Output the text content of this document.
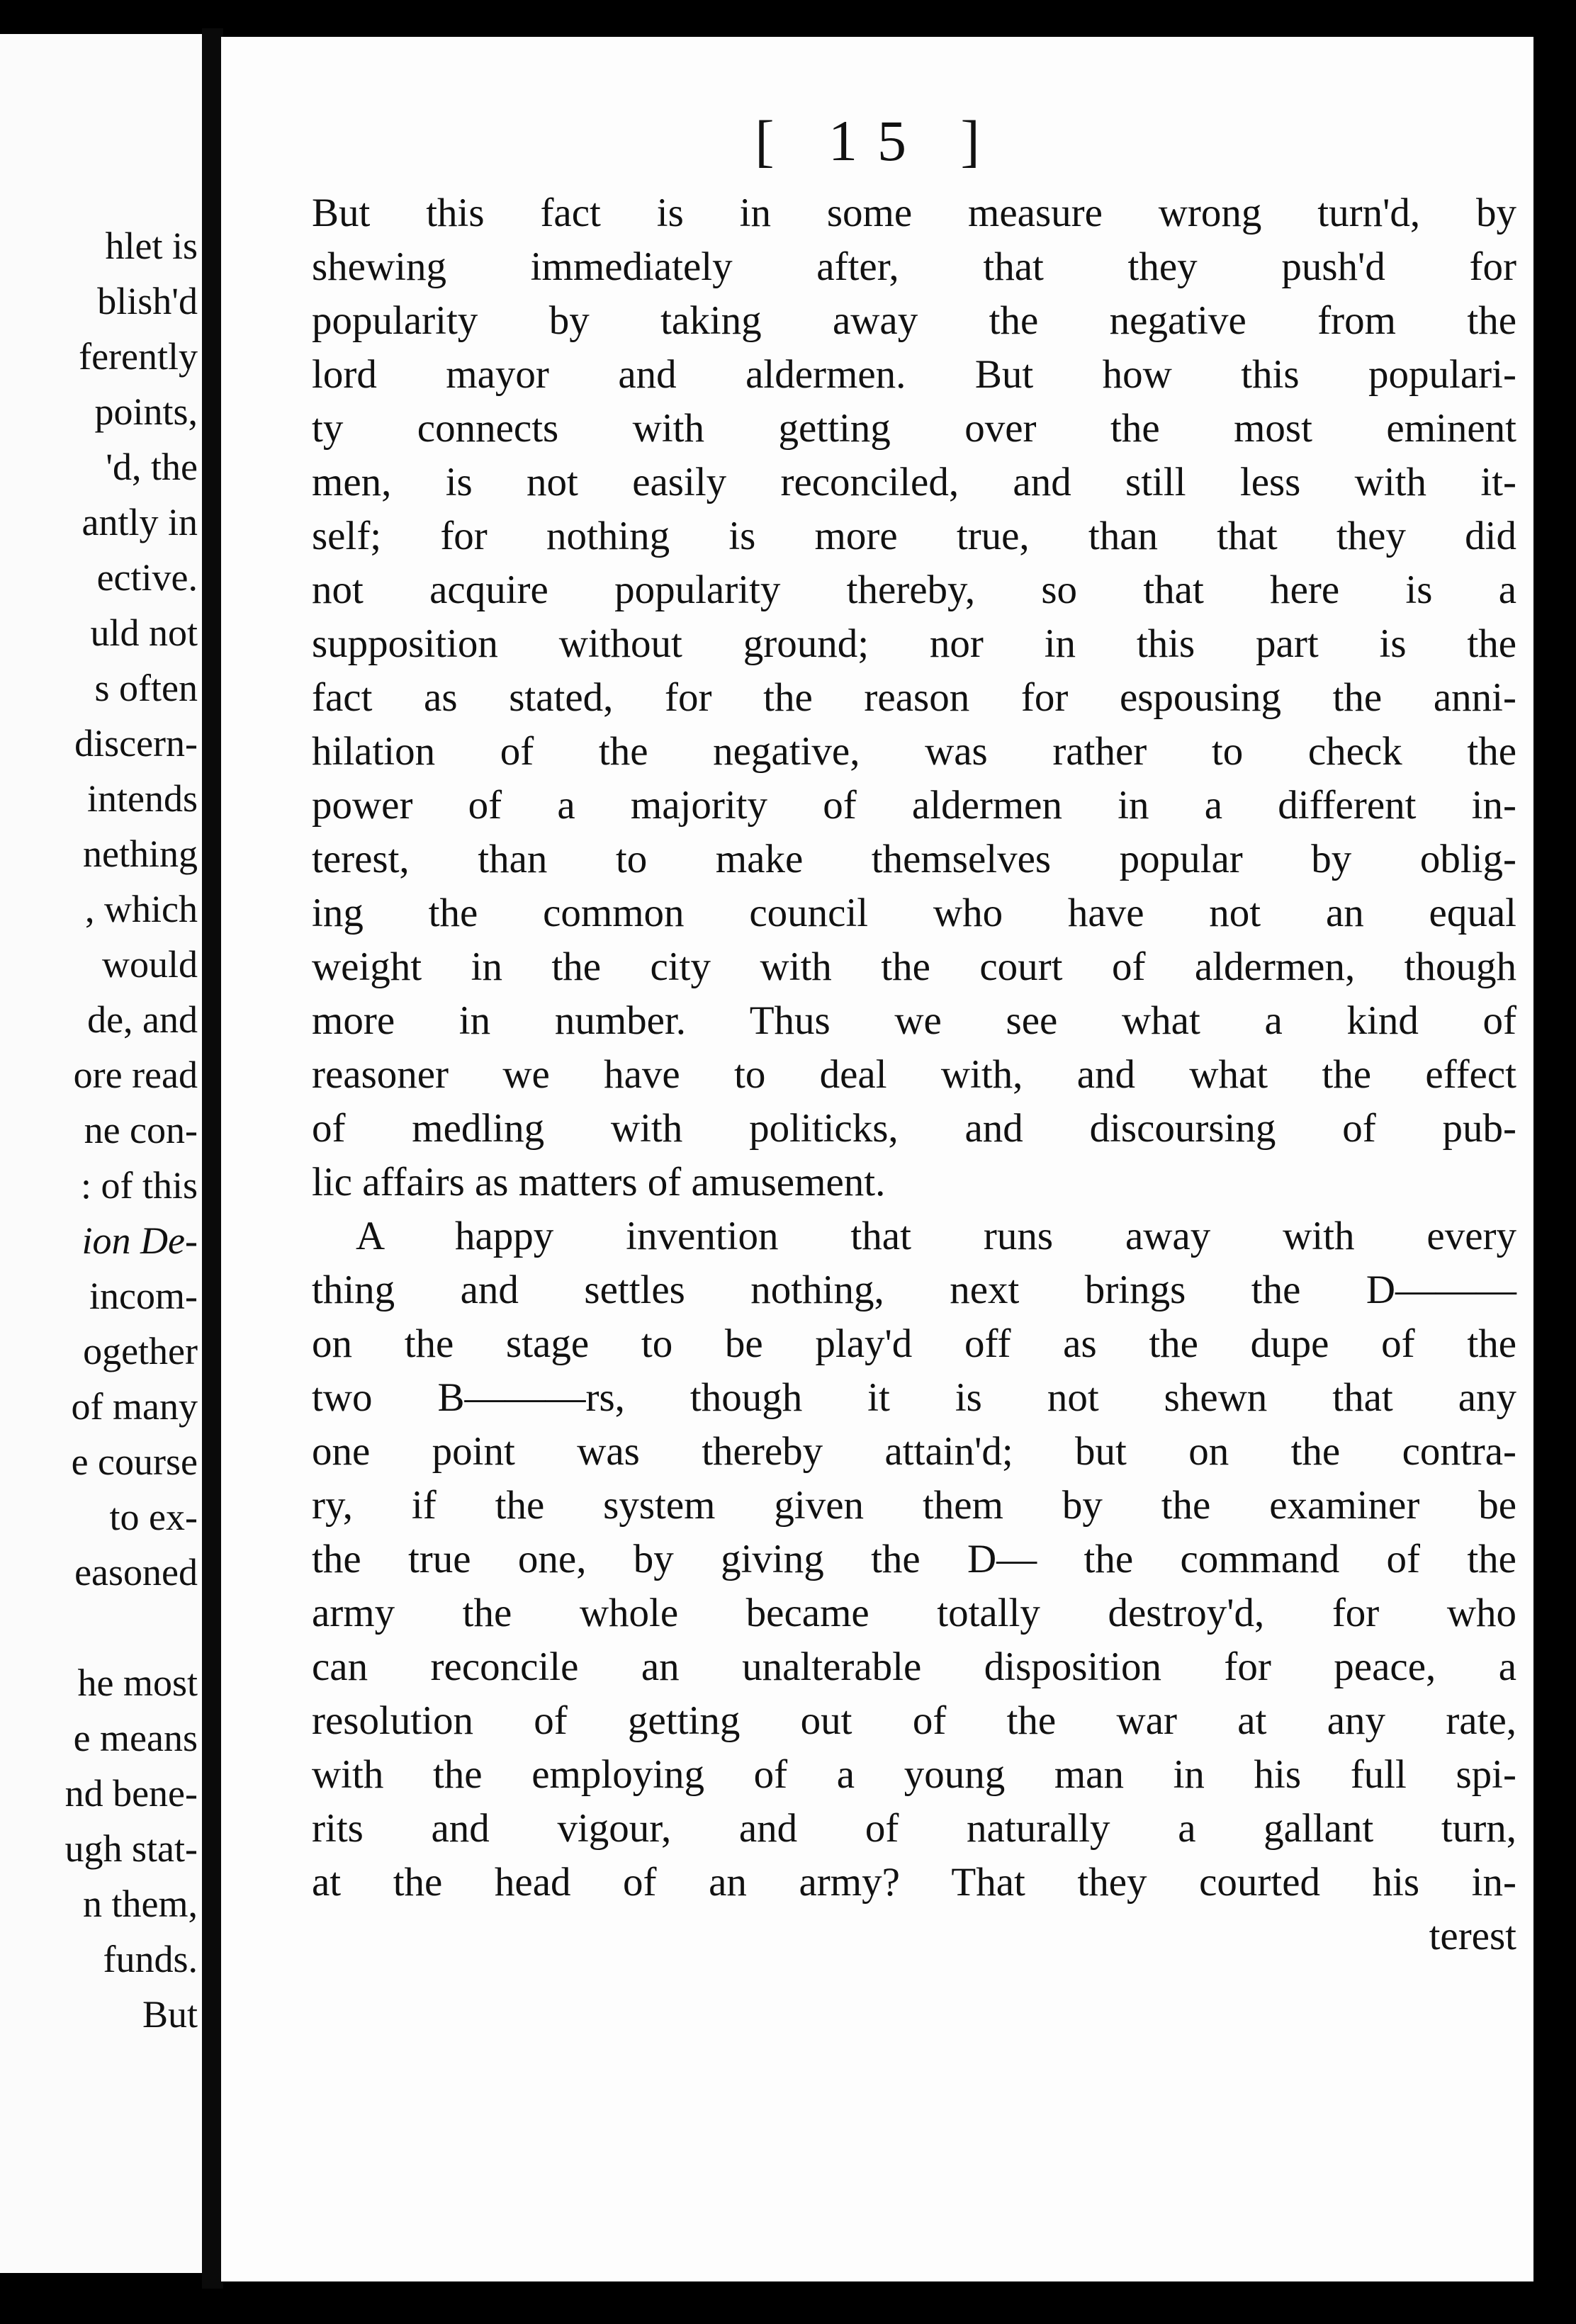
hlet is
blish'd
ferently
points,
'd, the
antly in
ective.
uld not
s often
discern-
intends
nething
, which
would
de, and
ore read
ne con-
: of this
ion De-
incom-
ogether
of many
e course
to ex-
easoned
he most
e means
nd bene-
ugh stat-
n them,
funds.
But
[ 15 ]
But this fact is in some measure wrong turn'd, by
shewing immediately after, that they push'd for
popularity by taking away the negative from the
lord mayor and aldermen. But how this populari-
ty connects with getting over the most eminent
men, is not easily reconciled, and still less with it-
self; for nothing is more true, than that they did
not acquire popularity thereby, so that here is a
supposition without ground; nor in this part is the
fact as stated, for the reason for espousing the anni-
hilation of the negative, was rather to check the
power of a majority of aldermen in a different in-
terest, than to make themselves popular by oblig-
ing the common council who have not an equal
weight in the city with the court of aldermen, though
more in number. Thus we see what a kind of
reasoner we have to deal with, and what the effect
of medling with politicks, and discoursing of pub-
lic affairs as matters of amusement.
A happy invention that runs away with every
thing and settles nothing, next brings the D———
on the stage to be play'd off as the dupe of the
two B———rs, though it is not shewn that any
one point was thereby attain'd; but on the contra-
ry, if the system given them by the examiner be
the true one, by giving the D— the command of the
army the whole became totally destroy'd, for who
can reconcile an unalterable disposition for peace, a
resolution of getting out of the war at any rate,
with the employing of a young man in his full spi-
rits and vigour, and of naturally a gallant turn,
at the head of an army? That they courted his in-
terest
